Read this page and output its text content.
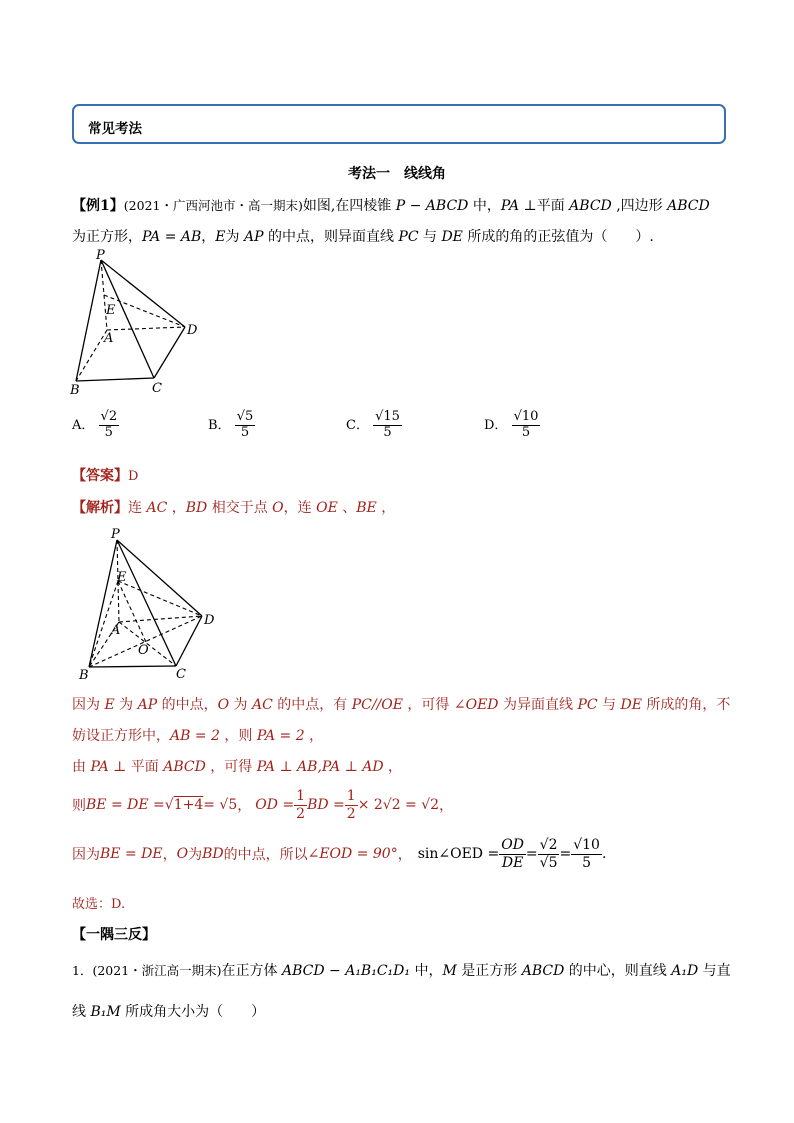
常见考法
考法一　线线角
【例1】(2021・广西河池市・高一期末)如图,在四棱锥 P − ABCD 中，PA ⊥平面 ABCD ,四边形 ABCD
为正方形，PA = AB，E为 AP 的中点，则异面直线 PC 与 DE 所成的角的正弦值为（　　）.
P
E
A
D
B	C
A． $\frac{√2}{5}$	B． $\frac{√5}{5}$	C． $\frac{√15}{5}$	D． $\frac{√10}{5}$
【答案】D
【解析】连 AC ，BD 相交于点 O，连 OE 、BE ，
P
E
A
O
D
B	C
因为 E 为 AP 的中点，O 为 AC 的中点，有 PC//OE ，可得 ∠OED 为异面直线 PC 与 DE 所成的角，不
妨设正方形中，AB = 2 ，则 PA = 2 ，
由 PA ⊥ 平面 ABCD ，可得 PA ⊥ AB,PA ⊥ AD ，
则 BE = DE = √ 1+4 = √5 ， OD = $\frac{1}{2}$ BD = $\frac{1}{2} \times 2√2 = √2$ ，
因为 BE = DE ， O 为 BD 的中点，所以 ∠EOD = 90° ， sin∠OED = $\frac{OD}{DE} = \frac{√2}{√5} = \frac{√10}{5}$ .
故选：D.
【一隅三反】
1．(2021・浙江高一期末)在正方体 ABCD − A₁B₁C₁D₁ 中，M 是正方形 ABCD 的中心，则直线 A₁D 与直
线 B₁M 所成角大小为（　　）
